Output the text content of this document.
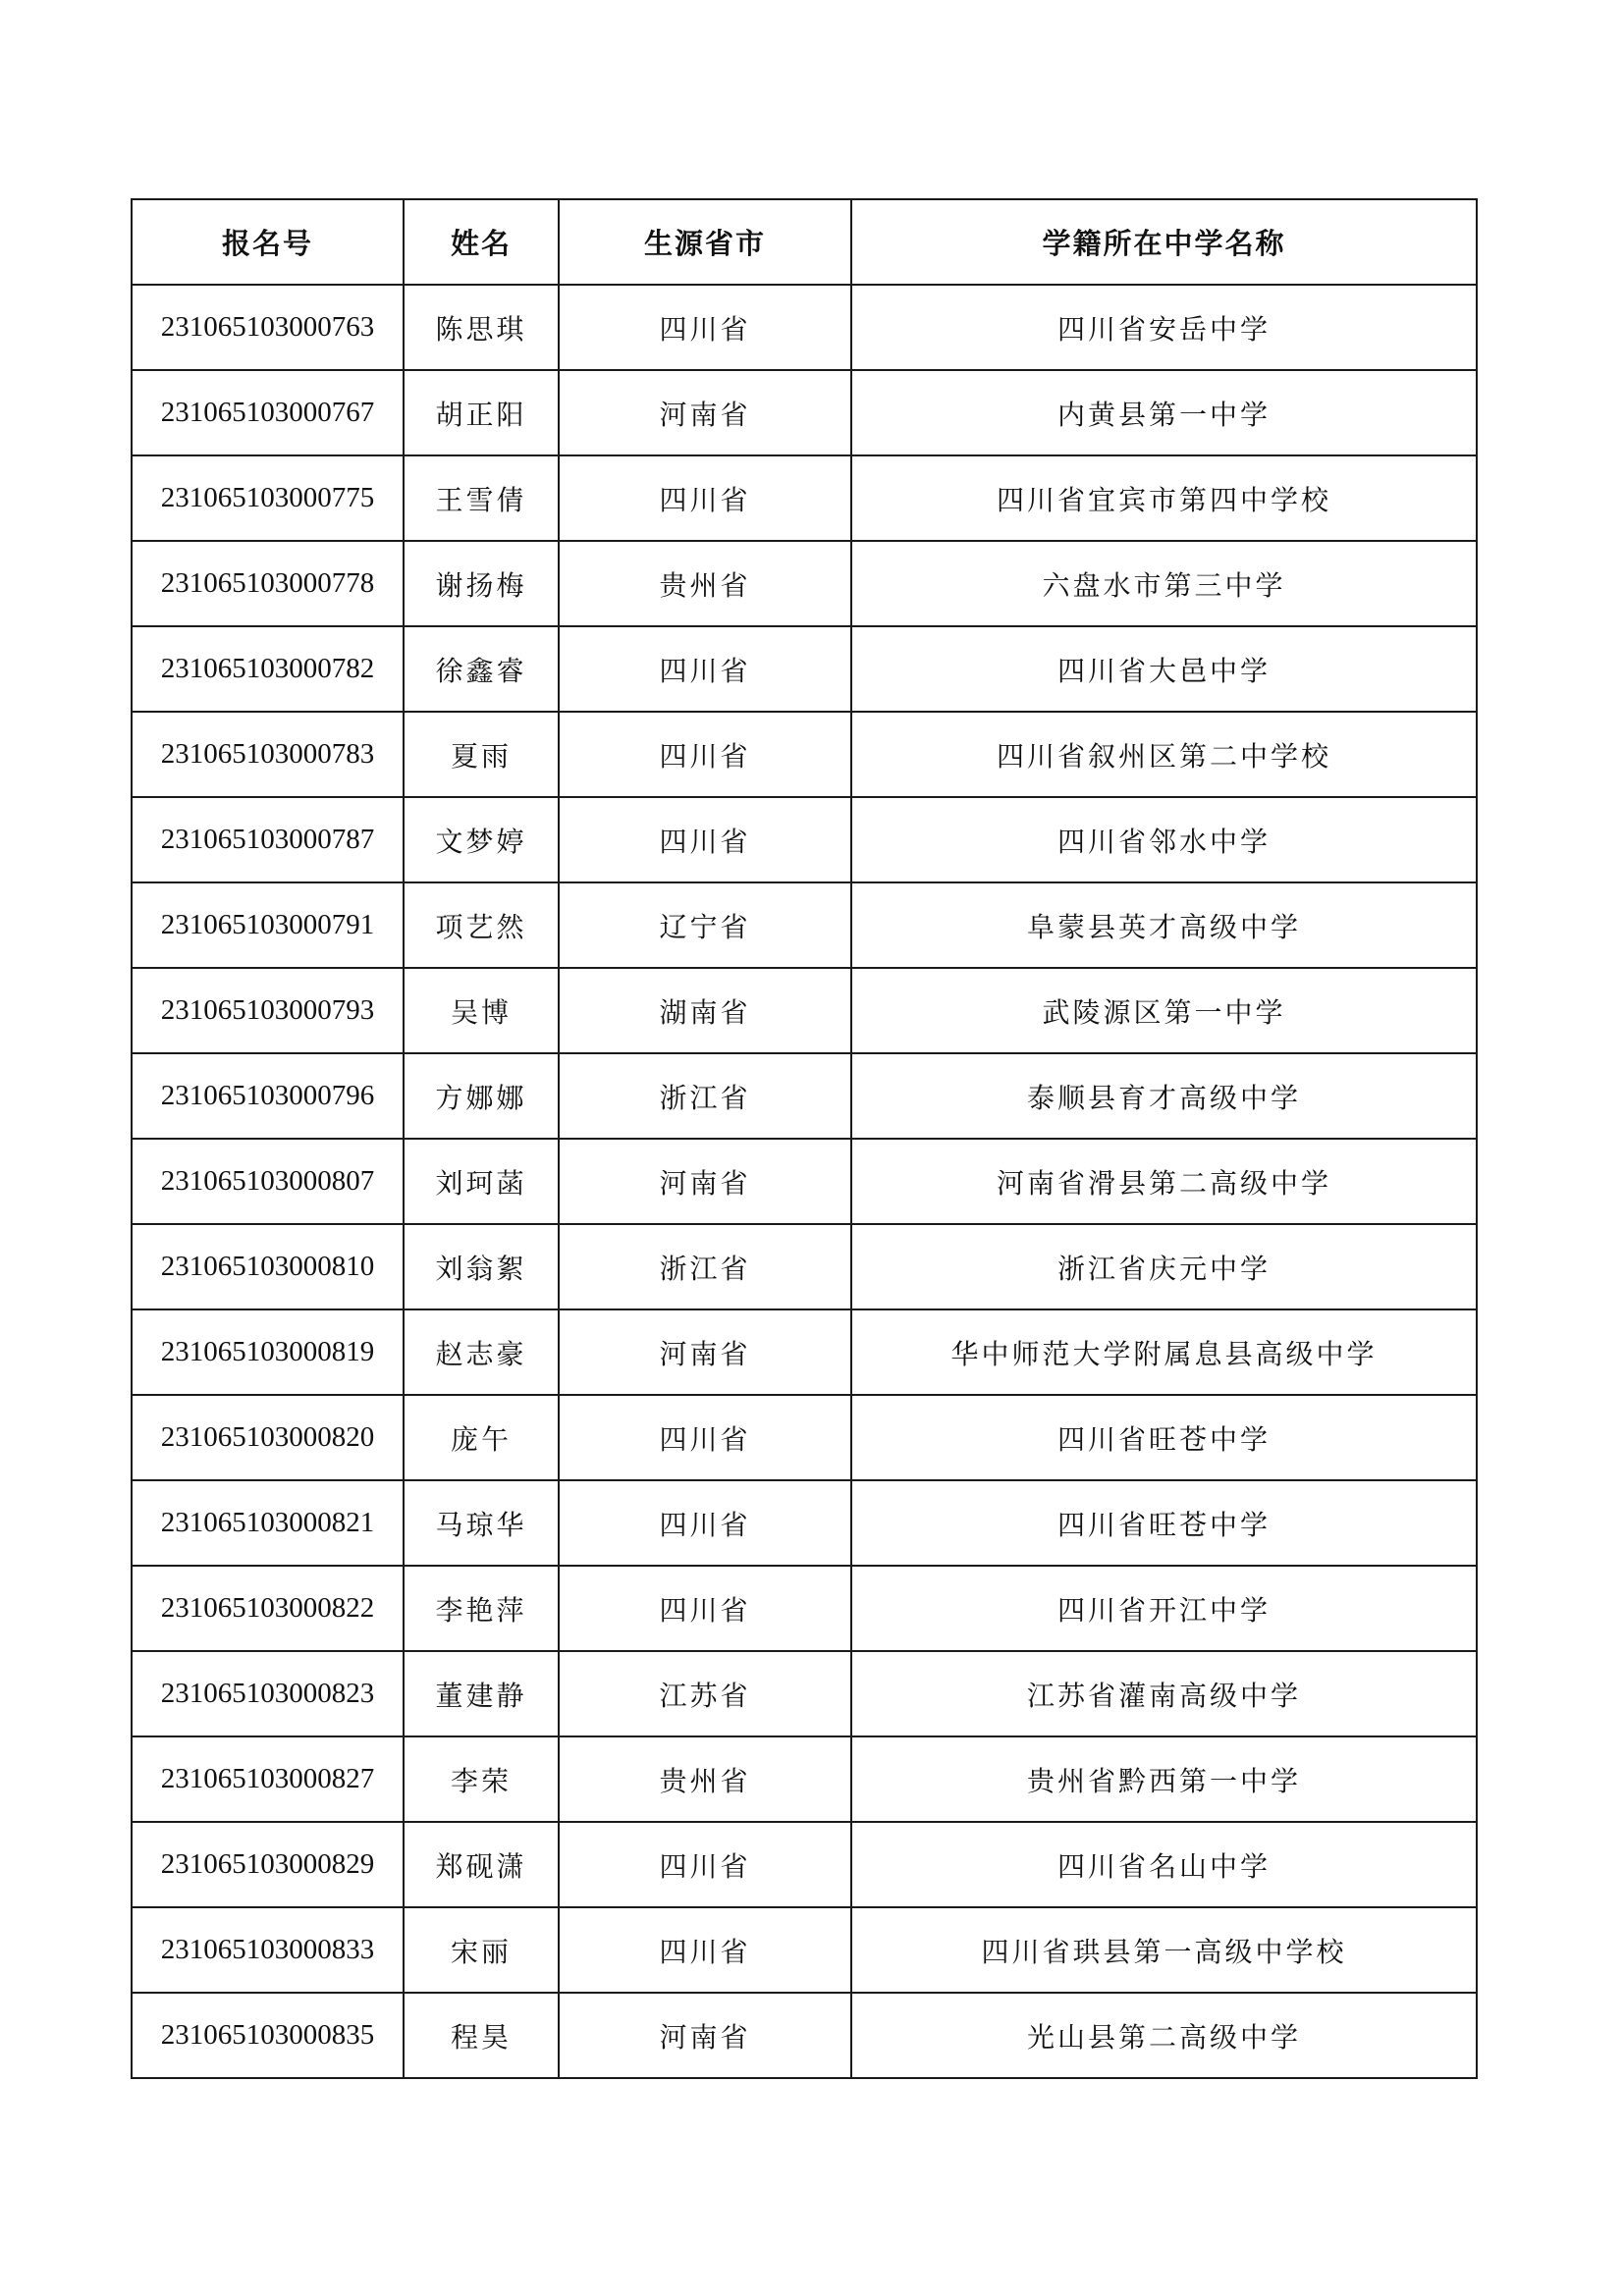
报名号	姓名	生源省市	学籍所在中学名称
231065103000763	陈思琪	四川省	四川省安岳中学
231065103000767	胡正阳	河南省	内黄县第一中学
231065103000775	王雪倩	四川省	四川省宜宾市第四中学校
231065103000778	谢扬梅	贵州省	六盘水市第三中学
231065103000782	徐鑫睿	四川省	四川省大邑中学
231065103000783	夏雨	四川省	四川省叙州区第二中学校
231065103000787	文梦婷	四川省	四川省邻水中学
231065103000791	项艺然	辽宁省	阜蒙县英才高级中学
231065103000793	吴博	湖南省	武陵源区第一中学
231065103000796	方娜娜	浙江省	泰顺县育才高级中学
231065103000807	刘珂菡	河南省	河南省滑县第二高级中学
231065103000810	刘翁絮	浙江省	浙江省庆元中学
231065103000819	赵志豪	河南省	华中师范大学附属息县高级中学
231065103000820	庞午	四川省	四川省旺苍中学
231065103000821	马琼华	四川省	四川省旺苍中学
231065103000822	李艳萍	四川省	四川省开江中学
231065103000823	董建静	江苏省	江苏省灌南高级中学
231065103000827	李荣	贵州省	贵州省黔西第一中学
231065103000829	郑砚潇	四川省	四川省名山中学
231065103000833	宋丽	四川省	四川省珙县第一高级中学校
231065103000835	程昊	河南省	光山县第二高级中学
